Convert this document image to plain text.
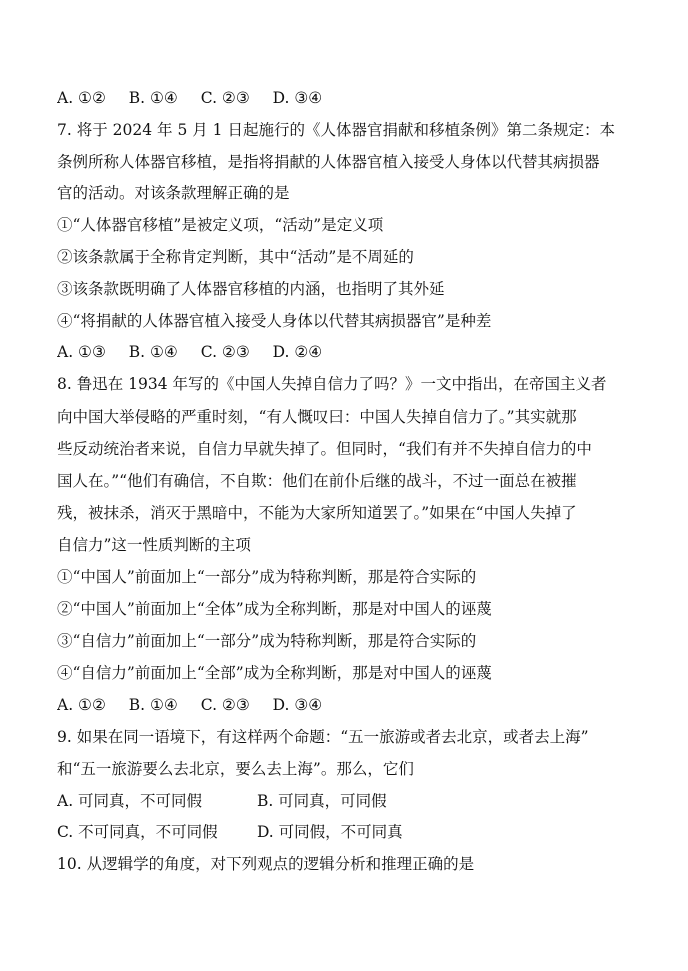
A. ①② B. ①④ C. ②③ D. ③④
7. 将于 2024 年 5 月 1 日起施行的《人体器官捐献和移植条例》第二条规定：本
条例所称人体器官移植，是指将捐献的人体器官植入接受人身体以代替其病损器
官的活动。对该条款理解正确的是
①“人体器官移植”是被定义项，“活动”是定义项
②该条款属于全称肯定判断，其中“活动”是不周延的
③该条款既明确了人体器官移植的内涵，也指明了其外延
④“将捐献的人体器官植入接受人身体以代替其病损器官”是种差
A. ①③ B. ①④ C. ②③ D. ②④
8. 鲁迅在 1934 年写的《中国人失掉自信力了吗？》一文中指出，在帝国主义者
向中国大举侵略的严重时刻，“有人慨叹曰：中国人失掉自信力了。”其实就那
些反动统治者来说，自信力早就失掉了。但同时，“我们有并不失掉自信力的中
国人在。”“他们有确信，不自欺：他们在前仆后继的战斗，不过一面总在被摧
残，被抹杀，消灭于黑暗中，不能为大家所知道罢了。”如果在“中国人失掉了
自信力”这一性质判断的主项
①“中国人”前面加上“一部分”成为特称判断，那是符合实际的
②“中国人”前面加上“全体”成为全称判断，那是对中国人的诬蔑
③“自信力”前面加上“一部分”成为特称判断，那是符合实际的
④“自信力”前面加上“全部”成为全称判断，那是对中国人的诬蔑
A. ①② B. ①④ C. ②③ D. ③④
9. 如果在同一语境下，有这样两个命题：“五一旅游或者去北京，或者去上海”
和“五一旅游要么去北京，要么去上海”。那么，它们
A. 可同真，不可同假	B. 可同真，可同假
C. 不可同真，不可同假	D. 可同假，不可同真
10. 从逻辑学的角度，对下列观点的逻辑分析和推理正确的是
